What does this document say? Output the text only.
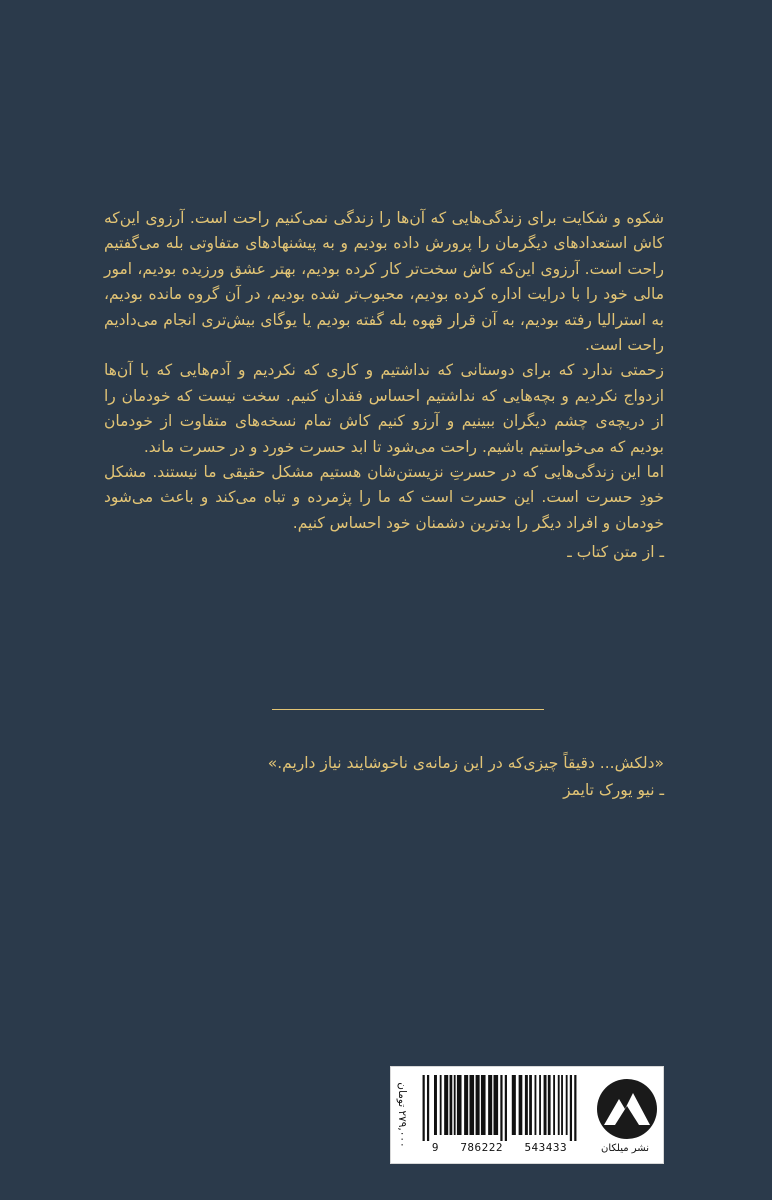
شکوه و شکایت برای زندگی‌هایی که آن‌ها را زندگی نمی‌کنیم راحت است. آرزوی این‌که کاش استعدادهای دیگرمان را پرورش داده بودیم و به پیشنهادهای متفاوتی بله می‌گفتیم راحت است. آرزوی این‌که کاش سخت‌تر کار کرده بودیم، بهتر عشق ورزیده بودیم، امور مالی خود را با درایت اداره کرده بودیم، محبوب‌تر شده بودیم، در آن گروه مانده بودیم، به استرالیا رفته بودیم، به آن قرار قهوه بله گفته بودیم یا یوگای بیش‌تری انجام می‌دادیم راحت است.

زحمتی ندارد که برای دوستانی که نداشتیم و کاری که نکردیم و آدم‌هایی که با آن‌ها ازدواج نکردیم و بچه‌هایی که نداشتیم احساس فقدان کنیم. سخت نیست که خودمان را از دریچه‌ی چشم دیگران ببینیم و آرزو کنیم کاش تمام نسخه‌های متفاوت از خودمان بودیم که می‌خواستیم باشیم. راحت می‌شود تا ابد حسرت خورد و در حسرت ماند.

اما این زندگی‌هایی که در حسرتِ نزیستن‌شان هستیم مشکل حقیقی ما نیستند. مشکل خودِ حسرت است. این حسرت است که ما را پژمرده و تباه می‌کند و باعث می‌شود خودمان و افراد دیگر را بدترین دشمنان خود احساس کنیم.

ـ از متن کتاب ـ

«دلکش... دقیقاً چیزی‌که در این زمانه‌ی ناخوشایند نیاز داریم.»

ـ نیو یورک تایمز

۲۷۹,۰۰۰ تومان	9 786222 543433	نشر میلکان
